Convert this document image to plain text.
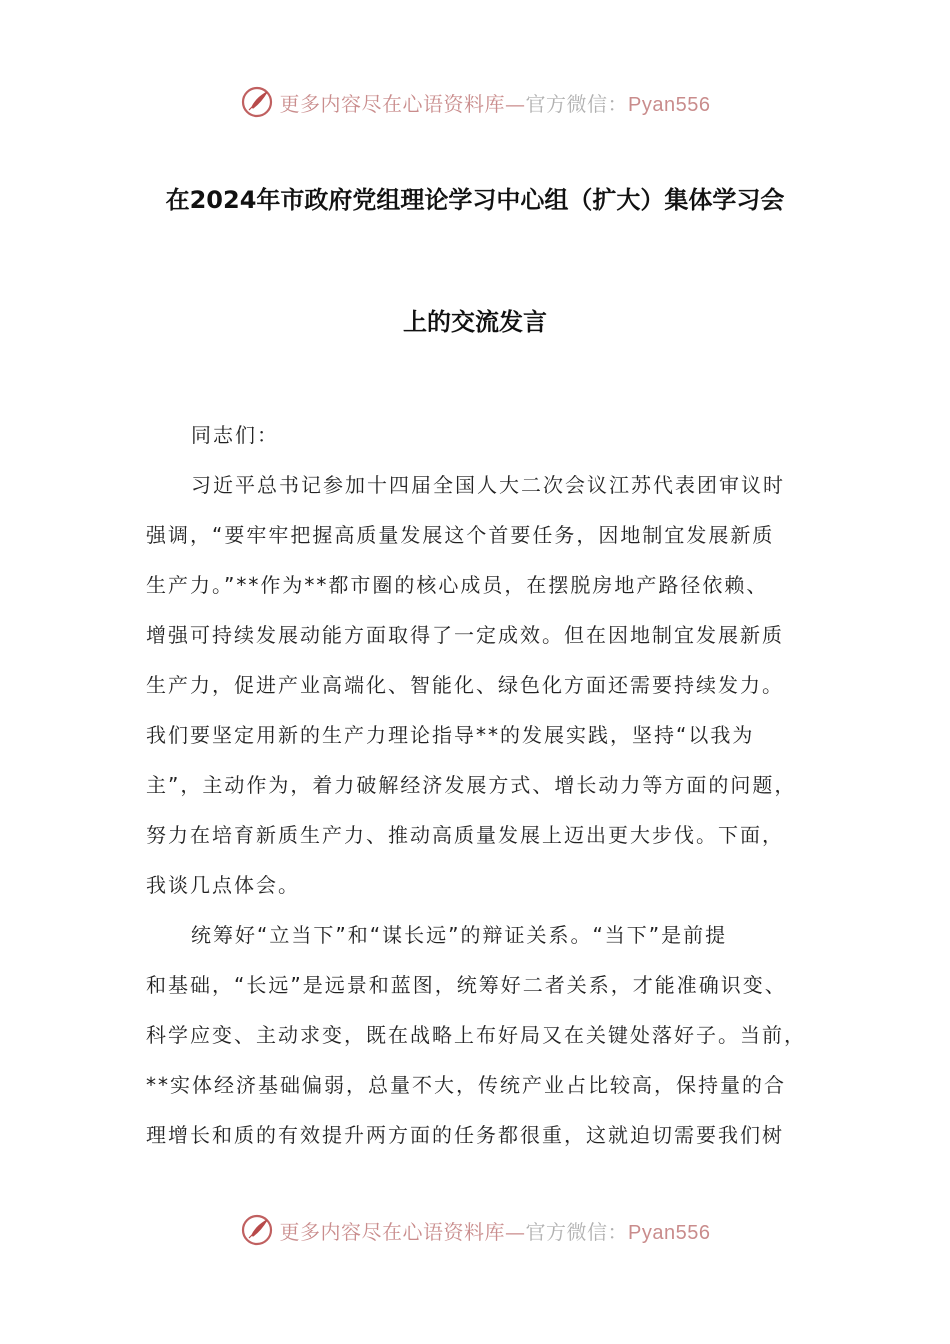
更多内容尽在心语资料库—官方微信：Pyan556
在2024年市政府党组理论学习中心组（扩大）集体学习会
上的交流发言
同志们：
习近平总书记参加十四届全国人大二次会议江苏代表团审议时
强调，“要牢牢把握高质量发展这个首要任务，因地制宜发展新质
生产力。”**作为**都市圈的核心成员，在摆脱房地产路径依赖、
增强可持续发展动能方面取得了一定成效。但在因地制宜发展新质
生产力，促进产业高端化、智能化、绿色化方面还需要持续发力。
我们要坚定用新的生产力理论指导**的发展实践，坚持“以我为
主”，主动作为，着力破解经济发展方式、增长动力等方面的问题，
努力在培育新质生产力、推动高质量发展上迈出更大步伐。下面，
我谈几点体会。
统筹好“立当下”和“谋长远”的辩证关系。“当下”是前提
和基础，“长远”是远景和蓝图，统筹好二者关系，才能准确识变、
科学应变、主动求变，既在战略上布好局又在关键处落好子。当前，
**实体经济基础偏弱，总量不大，传统产业占比较高，保持量的合
理增长和质的有效提升两方面的任务都很重，这就迫切需要我们树
更多内容尽在心语资料库—官方微信：Pyan556
